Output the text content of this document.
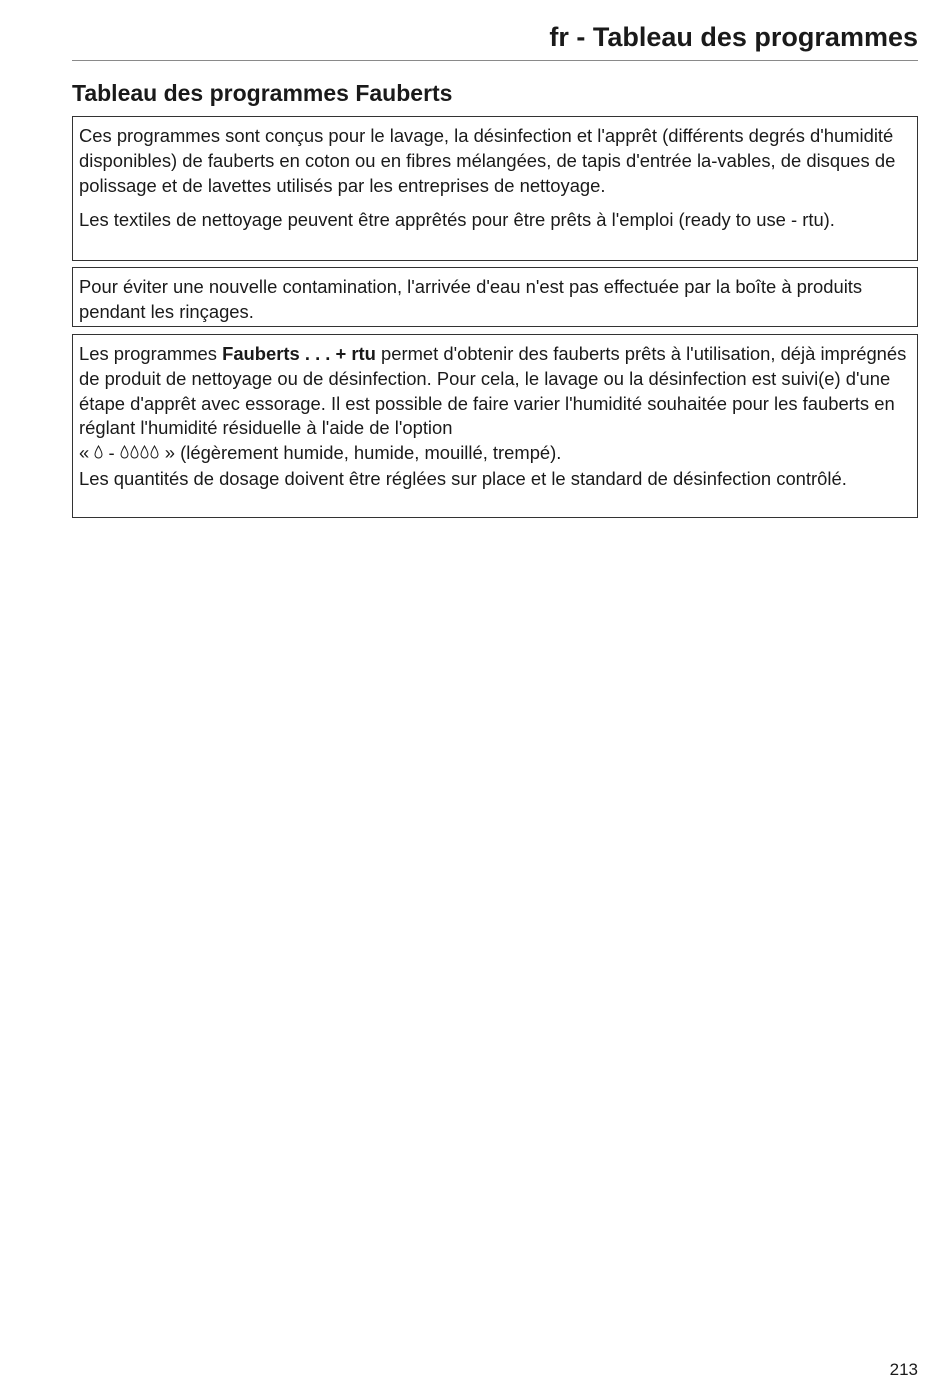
fr - Tableau des programmes
Tableau des programmes Fauberts

Ces programmes sont conçus pour le lavage, la désinfection et l'apprêt (différents degrés d'humidité disponibles) de fauberts en coton ou en fibres mélangées, de tapis d'entrée la-vables, de disques de polissage et de lavettes utilisés par les entreprises de nettoyage.

Les textiles de nettoyage peuvent être apprêtés pour être prêts à l'emploi (ready to use - rtu).

Pour éviter une nouvelle contamination, l'arrivée d'eau n'est pas effectuée par la boîte à produits pendant les rinçages.

Les programmes Fauberts . . . + rtu permet d'obtenir des fauberts prêts à l'utilisation, déjà imprégnés de produit de nettoyage ou de désinfection. Pour cela, le lavage ou la désinfection est suivi(e) d'une étape d'apprêt avec essorage. Il est possible de faire varier l'humidité souhaitée pour les fauberts en réglant l'humidité résiduelle à l'aide de l'option
«  -  » (légèrement humide, humide, mouillé, trempé).

Les quantités de dosage doivent être réglées sur place et le standard de désinfection contrôlé.

213
